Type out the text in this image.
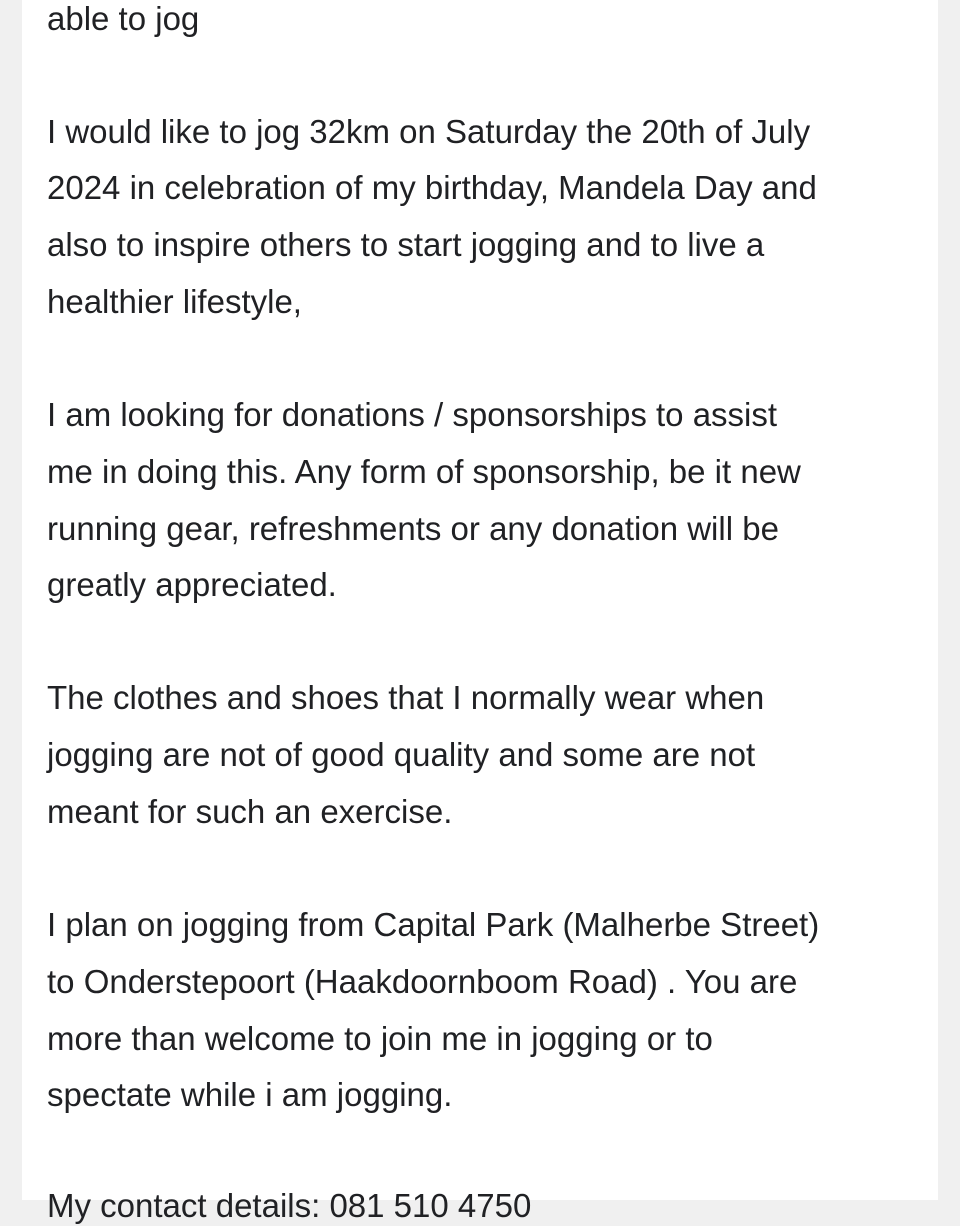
able to jog

I would like to jog 32km on Saturday the 20th of July

2024 in celebration of my birthday, Mandela Day and

also to inspire others to start jogging and to live a

healthier lifestyle,

I am looking for donations / sponsorships to assist

me in doing this. Any form of sponsorship, be it new

running gear, refreshments or any donation will be

greatly appreciated.

The clothes and shoes that I normally wear when

jogging are not of good quality and some are not

meant for such an exercise.

I plan on jogging from Capital Park (Malherbe Street)

to Onderstepoort (Haakdoornboom Road) . You are

more than welcome to join me in jogging or to

spectate while i am jogging.

My contact details: 081 510 4750
